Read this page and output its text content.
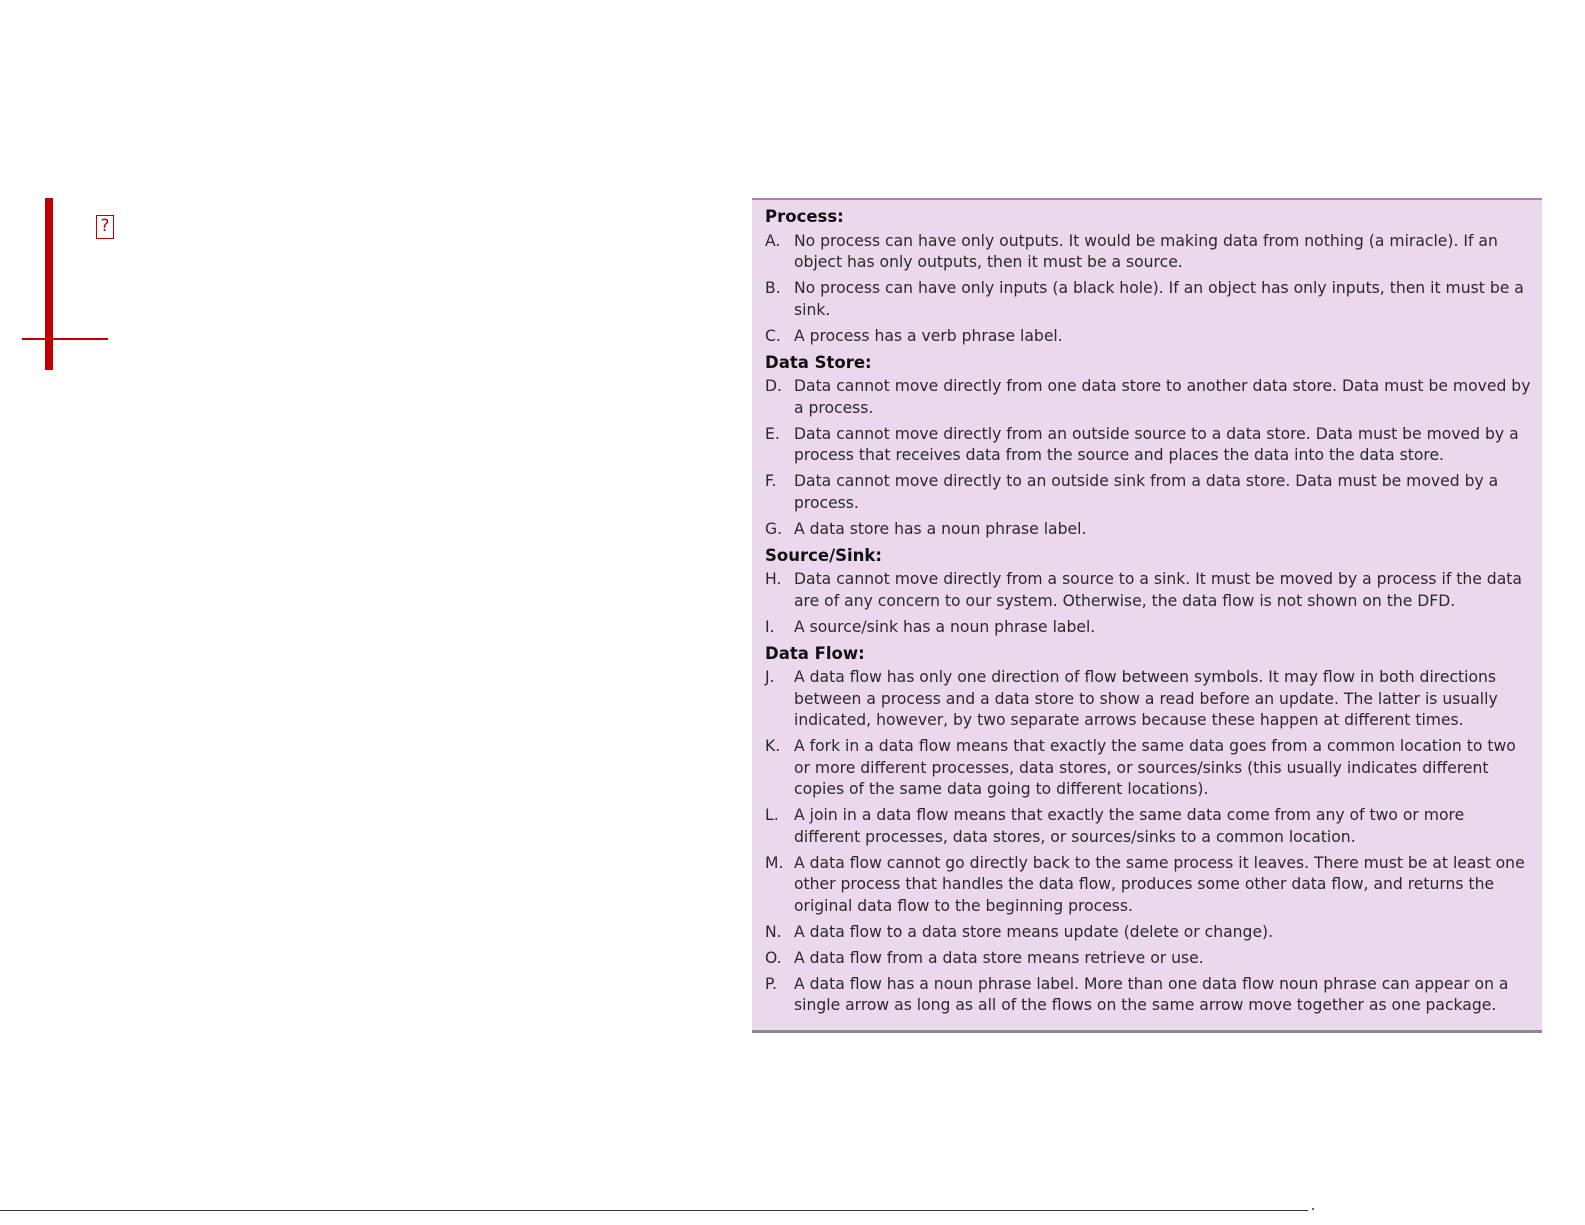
?	Process:
A. No process can have only outputs. It would be making data from nothing (a miracle). If an object has only outputs, then it must be a source.
B. No process can have only inputs (a black hole). If an object has only inputs, then it must be a sink.
C. A process has a verb phrase label.
Data Store:
D. Data cannot move directly from one data store to another data store. Data must be moved by a process.
E. Data cannot move directly from an outside source to a data store. Data must be moved by a process that receives data from the source and places the data into the data store.
F.	Data cannot move directly to an outside sink from a data store. Data must be moved by a process.
G. A data store has a noun phrase label.
Source/Sink:
H. Data cannot move directly from a source to a sink. It must be moved by a process if the data are of any concern to our system. Otherwise, the data flow is not shown on the DFD.
I.	A source/sink has a noun phrase label.
Data Flow:
J.	A data flow has only one direction of flow between symbols. It may flow in both directions between a process and a data store to show a read before an update. The latter is usually indicated, however, by two separate arrows because these happen at different times.
K. A fork in a data flow means that exactly the same data goes from a common location to two or more different processes, data stores, or sources/sinks (this usually indicates different copies of the same data going to different locations).
L. A join in a data flow means that exactly the same data come from any of two or more different processes, data stores, or sources/sinks to a common location.
M. A data flow cannot go directly back to the same process it leaves. There must be at least one other process that handles the data flow, produces some other data flow, and returns the original data flow to the beginning process.
N. A data flow to a data store means update (delete or change).
O. A data flow from a data store means retrieve or use.
P.	A data flow has a noun phrase label. More than one data flow noun phrase can appear on a single arrow as long as all of the flows on the same arrow move together as one package.
